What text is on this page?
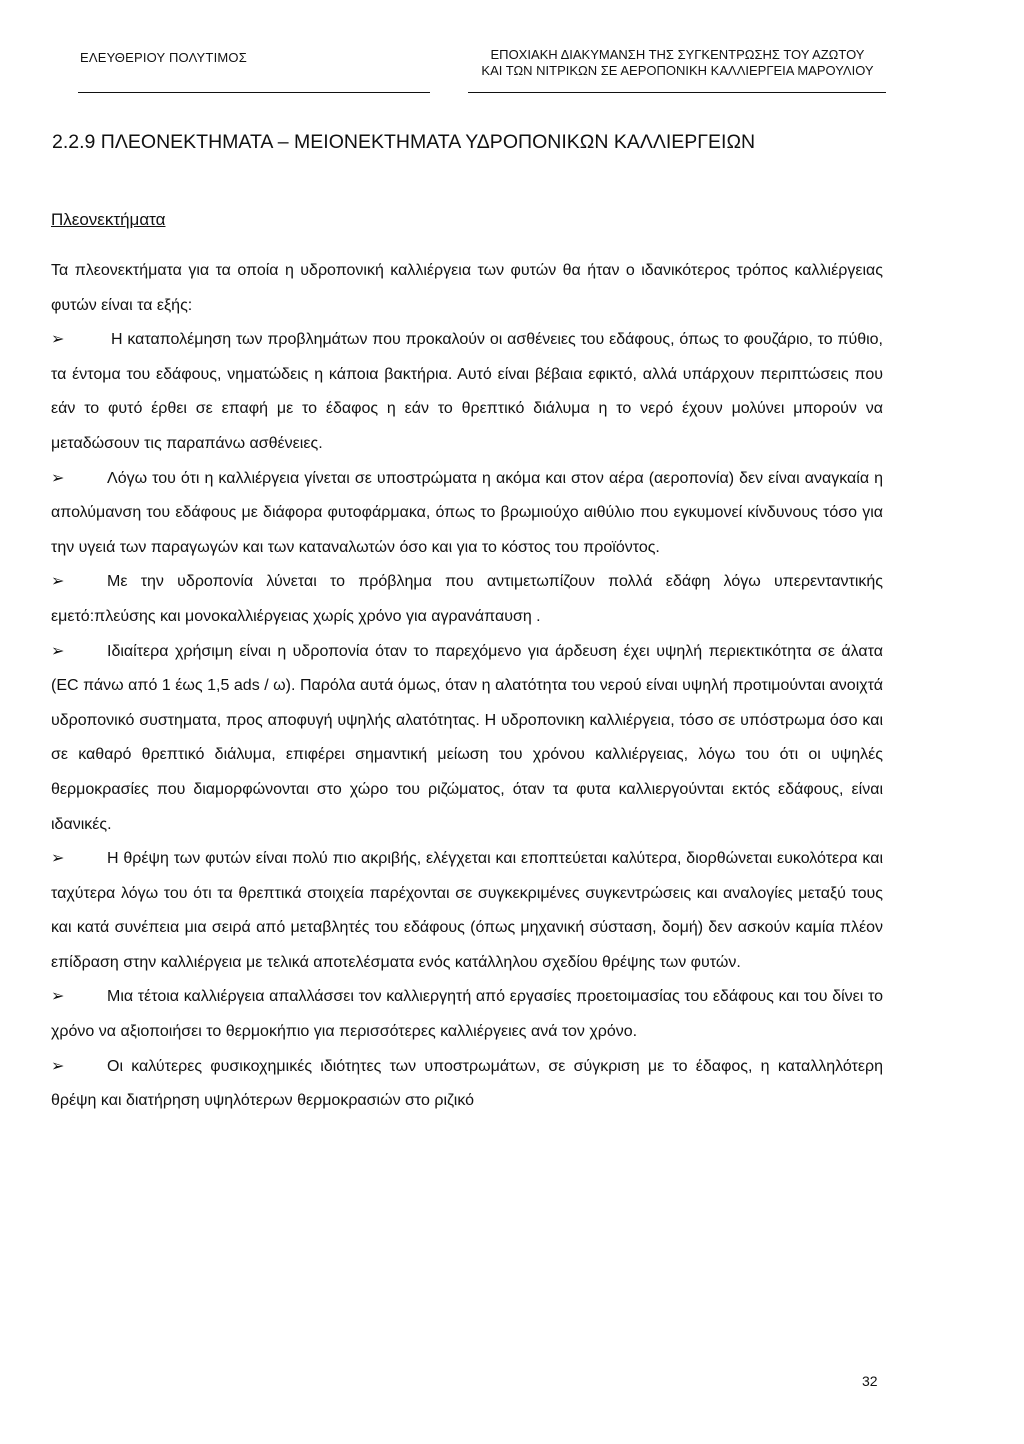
ΕΛΕΥΘΕΡΙΟΥ ΠΟΛΥΤΙΜΟΣ	ΕΠΟΧΙΑΚΗ ΔΙΑΚΥΜΑΝΣΗ ΤΗΣ ΣΥΓΚΕΝΤΡΩΣΗΣ ΤΟΥ ΑΖΩΤΟΥ
ΚΑΙ ΤΩΝ ΝΙΤΡΙΚΩΝ ΣΕ ΑΕΡΟΠΟΝΙΚΗ ΚΑΛΛΙΕΡΓΕΙΑ ΜΑΡΟΥΛΙΟΥ
2.2.9 ΠΛΕΟΝΕΚΤΗΜΑΤΑ – ΜΕΙΟΝΕΚΤΗΜΑΤΑ ΥΔΡΟΠΟΝΙΚΩΝ ΚΑΛΛΙΕΡΓΕΙΩΝ
Πλεονεκτήματα

Τα πλεονεκτήματα για τα οποία η υδροπονική καλλιέργεια των φυτών θα ήταν ο ιδανικότερος τρόπος καλλιέργειας φυτών είναι τα εξής:

➢	Η καταπολέμηση των προβλημάτων που προκαλούν οι ασθένειες του εδάφους, όπως το φουζάριο, το πύθιο, τα έντομα του εδάφους, νηματώδεις η κάποια βακτήρια. Αυτό είναι βέβαια εφικτό, αλλά υπάρχουν περιπτώσεις που εάν το φυτό έρθει σε επαφή με το έδαφος η εάν το θρεπτικό διάλυμα η το νερό έχουν μολύνει μπορούν να μεταδώσουν τις παραπάνω ασθένειες.

➢	Λόγω του ότι η καλλιέργεια γίνεται σε υποστρώματα η ακόμα και στον αέρα (αεροπονία) δεν είναι αναγκαία η απολύμανση του εδάφους με διάφορα φυτοφάρμακα, όπως το βρωμιούχο αιθύλιο που εγκυμονεί κίνδυνους τόσο για την υγειά των παραγωγών και των καταναλωτών όσο και για το κόστος του προϊόντος.

➢	Με την υδροπονία λύνεται το πρόβλημα που αντιμετωπίζουν πολλά εδάφη λόγω υπερενταντικής εμετό:πλεύσης και μονοκαλλιέργειας χωρίς χρόνο για αγρανάπαυση .

➢	Ιδιαίτερα χρήσιμη είναι η υδροπονία όταν το παρεχόμενο για άρδευση έχει υψηλή περιεκτικότητα σε άλατα (EC πάνω από 1 έως 1,5 ads / ω). Παρόλα αυτά όμως, όταν η αλατότητα του νερού είναι υψηλή προτιμούνται ανοιχτά υδροπονικό συστηματα, προς αποφυγή υψηλής αλατότητας. Η υδροπονικη καλλιέργεια, τόσο σε υπόστρωμα όσο και σε καθαρό θρεπτικό διάλυμα, επιφέρει σημαντική μείωση του χρόνου καλλιέργειας, λόγω του ότι οι υψηλές θερμοκρασίες που διαμορφώνονται στο χώρο του ριζώματος, όταν τα φυτα καλλιεργούνται εκτός εδάφους, είναι ιδανικές.

➢	Η θρέψη των φυτών είναι πολύ πιο ακριβής, ελέγχεται και εποπτεύεται καλύτερα, διορθώνεται ευκολότερα και ταχύτερα λόγω του ότι τα θρεπτικά στοιχεία παρέχονται σε συγκεκριμένες συγκεντρώσεις και αναλογίες μεταξύ τους και κατά συνέπεια μια σειρά από μεταβλητές του εδάφους (όπως μηχανική σύσταση, δομή) δεν ασκούν καμία πλέον επίδραση στην καλλιέργεια με τελικά αποτελέσματα ενός κατάλληλου σχεδίου θρέψης των φυτών.

➢	Μια τέτοια καλλιέργεια απαλλάσσει τον καλλιεργητή από εργασίες προετοιμασίας του εδάφους και του δίνει το χρόνο να αξιοποιήσει το θερμοκήπιο για περισσότερες καλλιέργειες ανά τον χρόνο.

➢	Οι καλύτερες φυσικοχημικές ιδιότητες των υποστρωμάτων, σε σύγκριση με το έδαφος, η καταλληλότερη θρέψη και διατήρηση υψηλότερων θερμοκρασιών στο ριζικό

32
